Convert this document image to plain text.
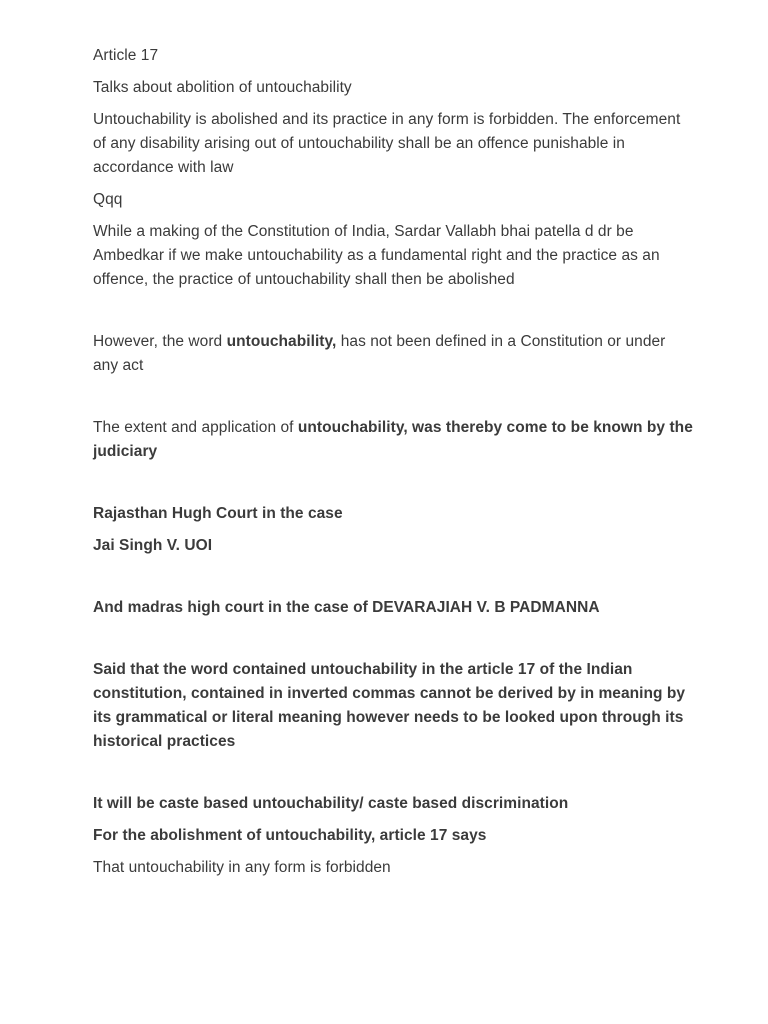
Article 17

Talks about abolition of untouchability

Untouchability is abolished and its practice in any form is forbidden. The enforcement of any disability arising out of untouchability shall be an offence punishable in accordance with law

Qqq

While a making of the Constitution of India, Sardar Vallabh bhai patella d dr be Ambedkar if we make untouchability as a fundamental right and the practice as an offence, the practice of untouchability shall then be abolished

However, the word untouchability, has not been defined in a Constitution or under any act

The extent and application of untouchability, was thereby come to be known by the judiciary

Rajasthan Hugh Court in the case

Jai Singh V. UOI

And madras high court in the case of DEVARAJIAH V. B PADMANNA

Said that the word contained untouchability in the article 17 of the Indian constitution, contained in inverted commas cannot be derived by in meaning by its grammatical or literal meaning however needs to be looked upon through its historical practices

It will be caste based untouchability/ caste based discrimination

For the abolishment of untouchability, article 17 says

That untouchability in any form is forbidden
